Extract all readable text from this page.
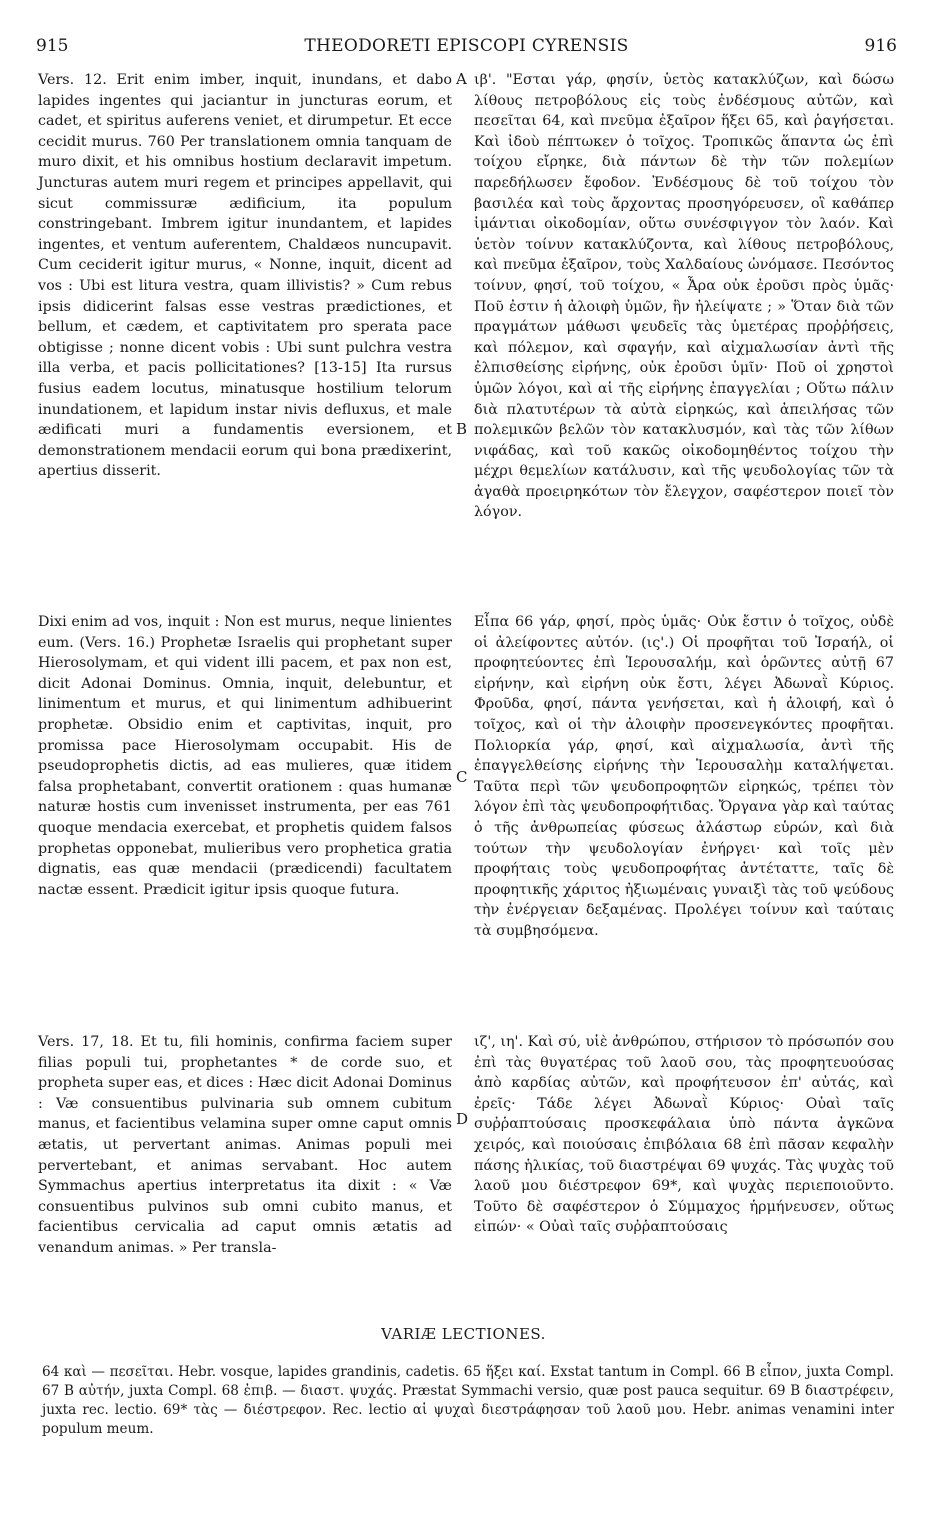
915	THEODORETI EPISCOPI CYRENSIS	916

Vers. 12. Erit enim imber, inquit, inundans, et dabo lapides ingentes qui jaciantur in juncturas eorum, et cadet, et spiritus auferens veniet, et dirumpetur. Et ecce cecidit murus. 760 Per translationem omnia tanquam de muro dixit, et his omnibus hostium declaravit impetum. Juncturas autem muri regem et principes appellavit, qui sicut commissuræ ædificium, ita populum constringebant. Imbrem igitur inundantem, et lapides ingentes, et ventum auferentem, Chaldæos nuncupavit. Cum ceciderit igitur murus, « Nonne, inquit, dicent ad vos : Ubi est litura vestra, quam illivistis? » Cum rebus ipsis didicerint falsas esse vestras prædictiones, et bellum, et cædem, et captivitatem pro sperata pace obtigisse ; nonne dicent vobis : Ubi sunt pulchra vestra illa verba, et pacis pollicitationes? [13-15] Ita rursus fusius eadem locutus, minatusque hostilium telorum inundationem, et lapidum instar nivis defluxus, et male ædificati muri a fundamentis eversionem, et demonstrationem mendacii eorum qui bona prædixerint, apertius disserit.

Dixi enim ad vos, inquit : Non est murus, neque linientes eum. (Vers. 16.) Prophetæ Israelis qui prophetant super Hierosolymam, et qui vident illi pacem, et pax non est, dicit Adonai Dominus. Omnia, inquit, delebuntur, et linimentum et murus, et qui linimentum adhibuerint prophetæ. Obsidio enim et captivitas, inquit, pro promissa pace Hierosolymam occupabit. His de pseudoprophetis dictis, ad eas mulieres, quæ itidem falsa prophetabant, convertit orationem : quas humanæ naturæ hostis cum invenisset instrumenta, per eas 761 quoque mendacia exercebat, et prophetis quidem falsos prophetas opponebat, mulieribus vero prophetica gratia dignatis, eas quæ mendacii (prædicendi) facultatem nactæ essent. Prædicit igitur ipsis quoque futura.

Vers. 17, 18. Et tu, fili hominis, confirma faciem super filias populi tui, prophetantes * de corde suo, et propheta super eas, et dices : Hæc dicit Adonai Dominus : Væ consuentibus pulvinaria sub omnem cubitum manus, et facientibus velamina super omne caput omnis ætatis, ut pervertant animas. Animas populi mei pervertebant, et animas servabant. Hoc autem Symmachus apertius interpretatus ita dixit : « Væ consuentibus pulvinos sub omni cubito manus, et facientibus cervicalia ad caput omnis ætatis ad venandum animas. » Per transla-

ιβ'. "Εσται γάρ, φησίν, ὑετὸς κατακλύζων, καὶ δώσω λίθους πετροβόλους εἰς τοὺς ἐνδέσμους αὐτῶν, καὶ πεσεῖται 64, καὶ πνεῦμα ἐξαῖρον ἥξει 65, καὶ ῥαγήσεται. Καὶ ἰδοὺ πέπτωκεν ὁ τοῖχος. Τροπικῶς ἅπαντα ὡς ἐπὶ τοίχου εἴρηκε, διὰ πάντων δὲ τὴν τῶν πολεμίων παρεδήλωσεν ἔφοδον. Ἐνδέσμους δὲ τοῦ τοίχου τὸν βασιλέα καὶ τοὺς ἄρχοντας προσηγόρευσεν, οἳ καθάπερ ἱμάντιαι οἰκοδομίαν, οὕτω συνέσφιγγον τὸν λαόν. Καὶ ὑετὸν τοίνυν κατακλύζοντα, καὶ λίθους πετροβόλους, καὶ πνεῦμα ἐξαῖρον, τοὺς Χαλδαίους ὠνόμασε. Πεσόντος τοίνυν, φησί, τοῦ τοίχου, « Ἆρα οὐκ ἐροῦσι πρὸς ὑμᾶς· Ποῦ ἐστιν ἡ ἀλοιφὴ ὑμῶν, ἣν ἠλείψατε ; » Ὅταν διὰ τῶν πραγμάτων μάθωσι ψευδεῖς τὰς ὑμετέρας προῤῥήσεις, καὶ πόλεμον, καὶ σφαγήν, καὶ αἰχμαλωσίαν ἀντὶ τῆς ἐλπισθείσης εἰρήνης, οὐκ ἐροῦσι ὑμῖν· Ποῦ οἱ χρηστοὶ ὑμῶν λόγοι, καὶ αἱ τῆς εἰρήνης ἐπαγγελίαι ; Οὕτω πάλιν διὰ πλατυτέρων τὰ αὐτὰ εἰρηκώς, καὶ ἀπειλήσας τῶν πολεμικῶν βελῶν τὸν κατακλυσμόν, καὶ τὰς τῶν λίθων νιφάδας, καὶ τοῦ κακῶς οἰκοδομηθέντος τοίχου τὴν μέχρι θεμελίων κατάλυσιν, καὶ τῆς ψευδολογίας τῶν τὰ ἀγαθὰ προειρηκότων τὸν ἔλεγχον, σαφέστερον ποιεῖ τὸν λόγον.

Εἶπα 66 γάρ, φησί, πρὸς ὑμᾶς· Οὐκ ἔστιν ὁ τοῖχος, οὐδὲ οἱ ἀλείφοντες αὐτόν. (ις'.) Οἱ προφῆται τοῦ Ἰσραήλ, οἱ προφητεύοντες ἐπὶ Ἱερουσαλήμ, καὶ ὁρῶντες αὐτῇ 67 εἰρήνην, καὶ εἰρήνη οὐκ ἔστι, λέγει Ἀδωναῒ Κύριος. Φροῦδα, φησί, πάντα γενήσεται, καὶ ἡ ἀλοιφή, καὶ ὁ τοῖχος, καὶ οἱ τὴν ἀλοιφὴν προσενεγκόντες προφῆται. Πολιορκία γάρ, φησί, καὶ αἰχμαλωσία, ἀντὶ τῆς ἐπαγγελθείσης εἰρήνης τὴν Ἱερουσαλὴμ καταλήψεται. Ταῦτα περὶ τῶν ψευδοπροφητῶν εἰρηκώς, τρέπει τὸν λόγον ἐπὶ τὰς ψευδοπροφήτιδας. Ὄργανα γὰρ καὶ ταύτας ὁ τῆς ἀνθρωπείας φύσεως ἀλάστωρ εὑρών, καὶ διὰ τούτων τὴν ψευδολογίαν ἐνήργει· καὶ τοῖς μὲν προφήταις τοὺς ψευδοπροφήτας ἀντέταττε, ταῖς δὲ προφητικῆς χάριτος ἠξιωμέναις γυναιξὶ τὰς τοῦ ψεύδους τὴν ἐνέργειαν δεξαμένας. Προλέγει τοίνυν καὶ ταύταις τὰ συμβησόμενα.

ιζ', ιη'. Καὶ σύ, υἱὲ ἀνθρώπου, στήρισον τὸ πρόσωπόν σου ἐπὶ τὰς θυγατέρας τοῦ λαοῦ σου, τὰς προφητευούσας ἀπὸ καρδίας αὐτῶν, καὶ προφήτευσον ἐπ' αὐτάς, καὶ ἐρεῖς· Τάδε λέγει Ἀδωναῒ Κύριος· Οὐαὶ ταῖς συῤῥαπτούσαις προσκεφάλαια ὑπὸ πάντα ἀγκῶνα χειρός, καὶ ποιούσαις ἐπιβόλαια 68 ἐπὶ πᾶσαν κεφαλὴν πάσης ἡλικίας, τοῦ διαστρέψαι 69 ψυχάς. Τὰς ψυχὰς τοῦ λαοῦ μου διέστρεφον 69*, καὶ ψυχὰς περιεποιοῦντο. Τοῦτο δὲ σαφέστερον ὁ Σύμμαχος ἡρμήνευσεν, οὕτως εἰπών· « Οὐαὶ ταῖς συῤῥαπτούσαις

A
B
C
D
VARIÆ LECTIONES.

64 καὶ — πεσεῖται. Hebr. vosque, lapides grandinis, cadetis. 65 ἥξει καί. Exstat tantum in Compl. 66 B εἶπον, juxta Compl. 67 B αὐτήν, juxta Compl. 68 ἐπιβ. — διαστ. ψυχάς. Præstat Symmachi versio, quæ post pauca sequitur. 69 B διαστρέφειν, juxta rec. lectio. 69* τὰς — διέστρεφον. Rec. lectio αἱ ψυχαὶ διεστράφησαν τοῦ λαοῦ μου. Hebr. animas venamini inter populum meum.
